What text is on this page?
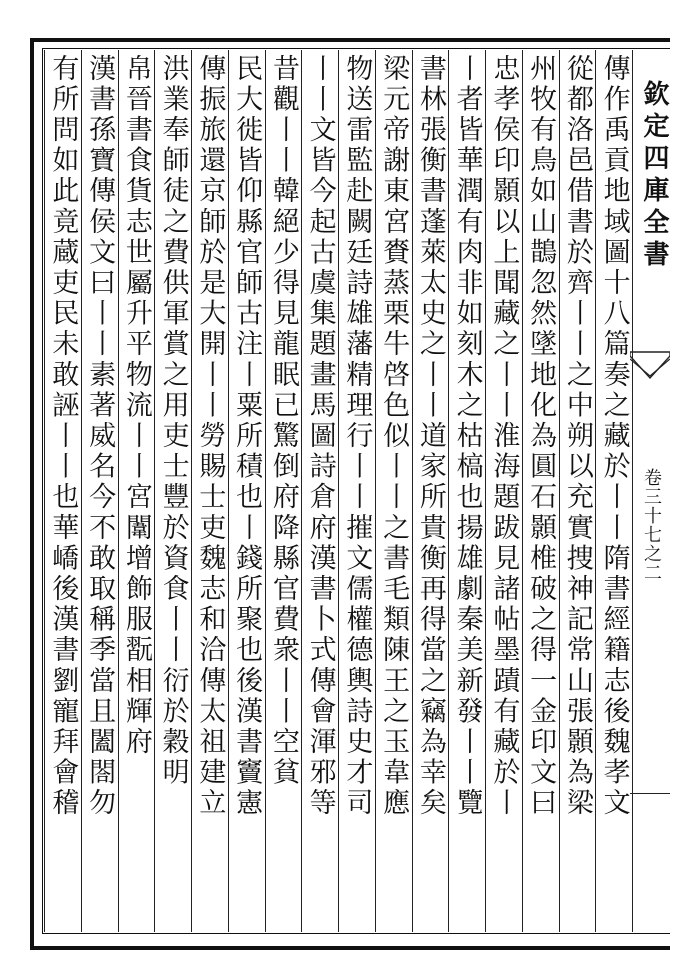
傳作禹貢地域圖十八篇奏之藏於丨丨隋書經籍志後魏孝文
從都洛邑借書於齊丨丨之中朔以充實捜神記常山張顥為梁
州牧有鳥如山鵲忽然墜地化為圓石顥椎破之得一金印文曰
忠孝侯印顥以上聞藏之丨丨淮海題跋見諸帖墨蹟有藏於丨
丨者皆華潤有肉非如刻木之枯槁也揚雄劇秦美新發丨丨覽
書林張衡書蓬萊太史之丨丨道家所貴衡再得當之竊為幸矣
梁元帝謝東宮賚蒸栗牛啓色似丨丨之書毛類陳王之玉韋應
物送雷監赴闕廷詩雄藩精理行丨丨摧文儒權德輿詩史才司
丨丨文皆今起古虞集題畫馬圖詩倉府漢書卜式傳會渾邪等
昔觀丨丨韓絕少得見龍眠已驚倒府降縣官費衆丨丨空貧
民大徙皆仰縣官師古注丨粟所積也丨錢所聚也後漢書竇憲
傳振旅還京師於是大開丨丨勞賜士吏魏志和洽傳太祖建立
洪業奉師徒之費供軍賞之用吏士豐於資食丨丨衍於穀明
帛晉書食貨志世屬升平物流丨丨宮闈增飾服翫相輝府
漢書孫寶傳侯文曰丨丨素著威名今不敢取稱季當且闔閤勿
有所問如此竟蔵吏民未敢誣丨丨也華嶠後漢書劉寵拜會稽	欽定四庫全書
卷三十七之二
